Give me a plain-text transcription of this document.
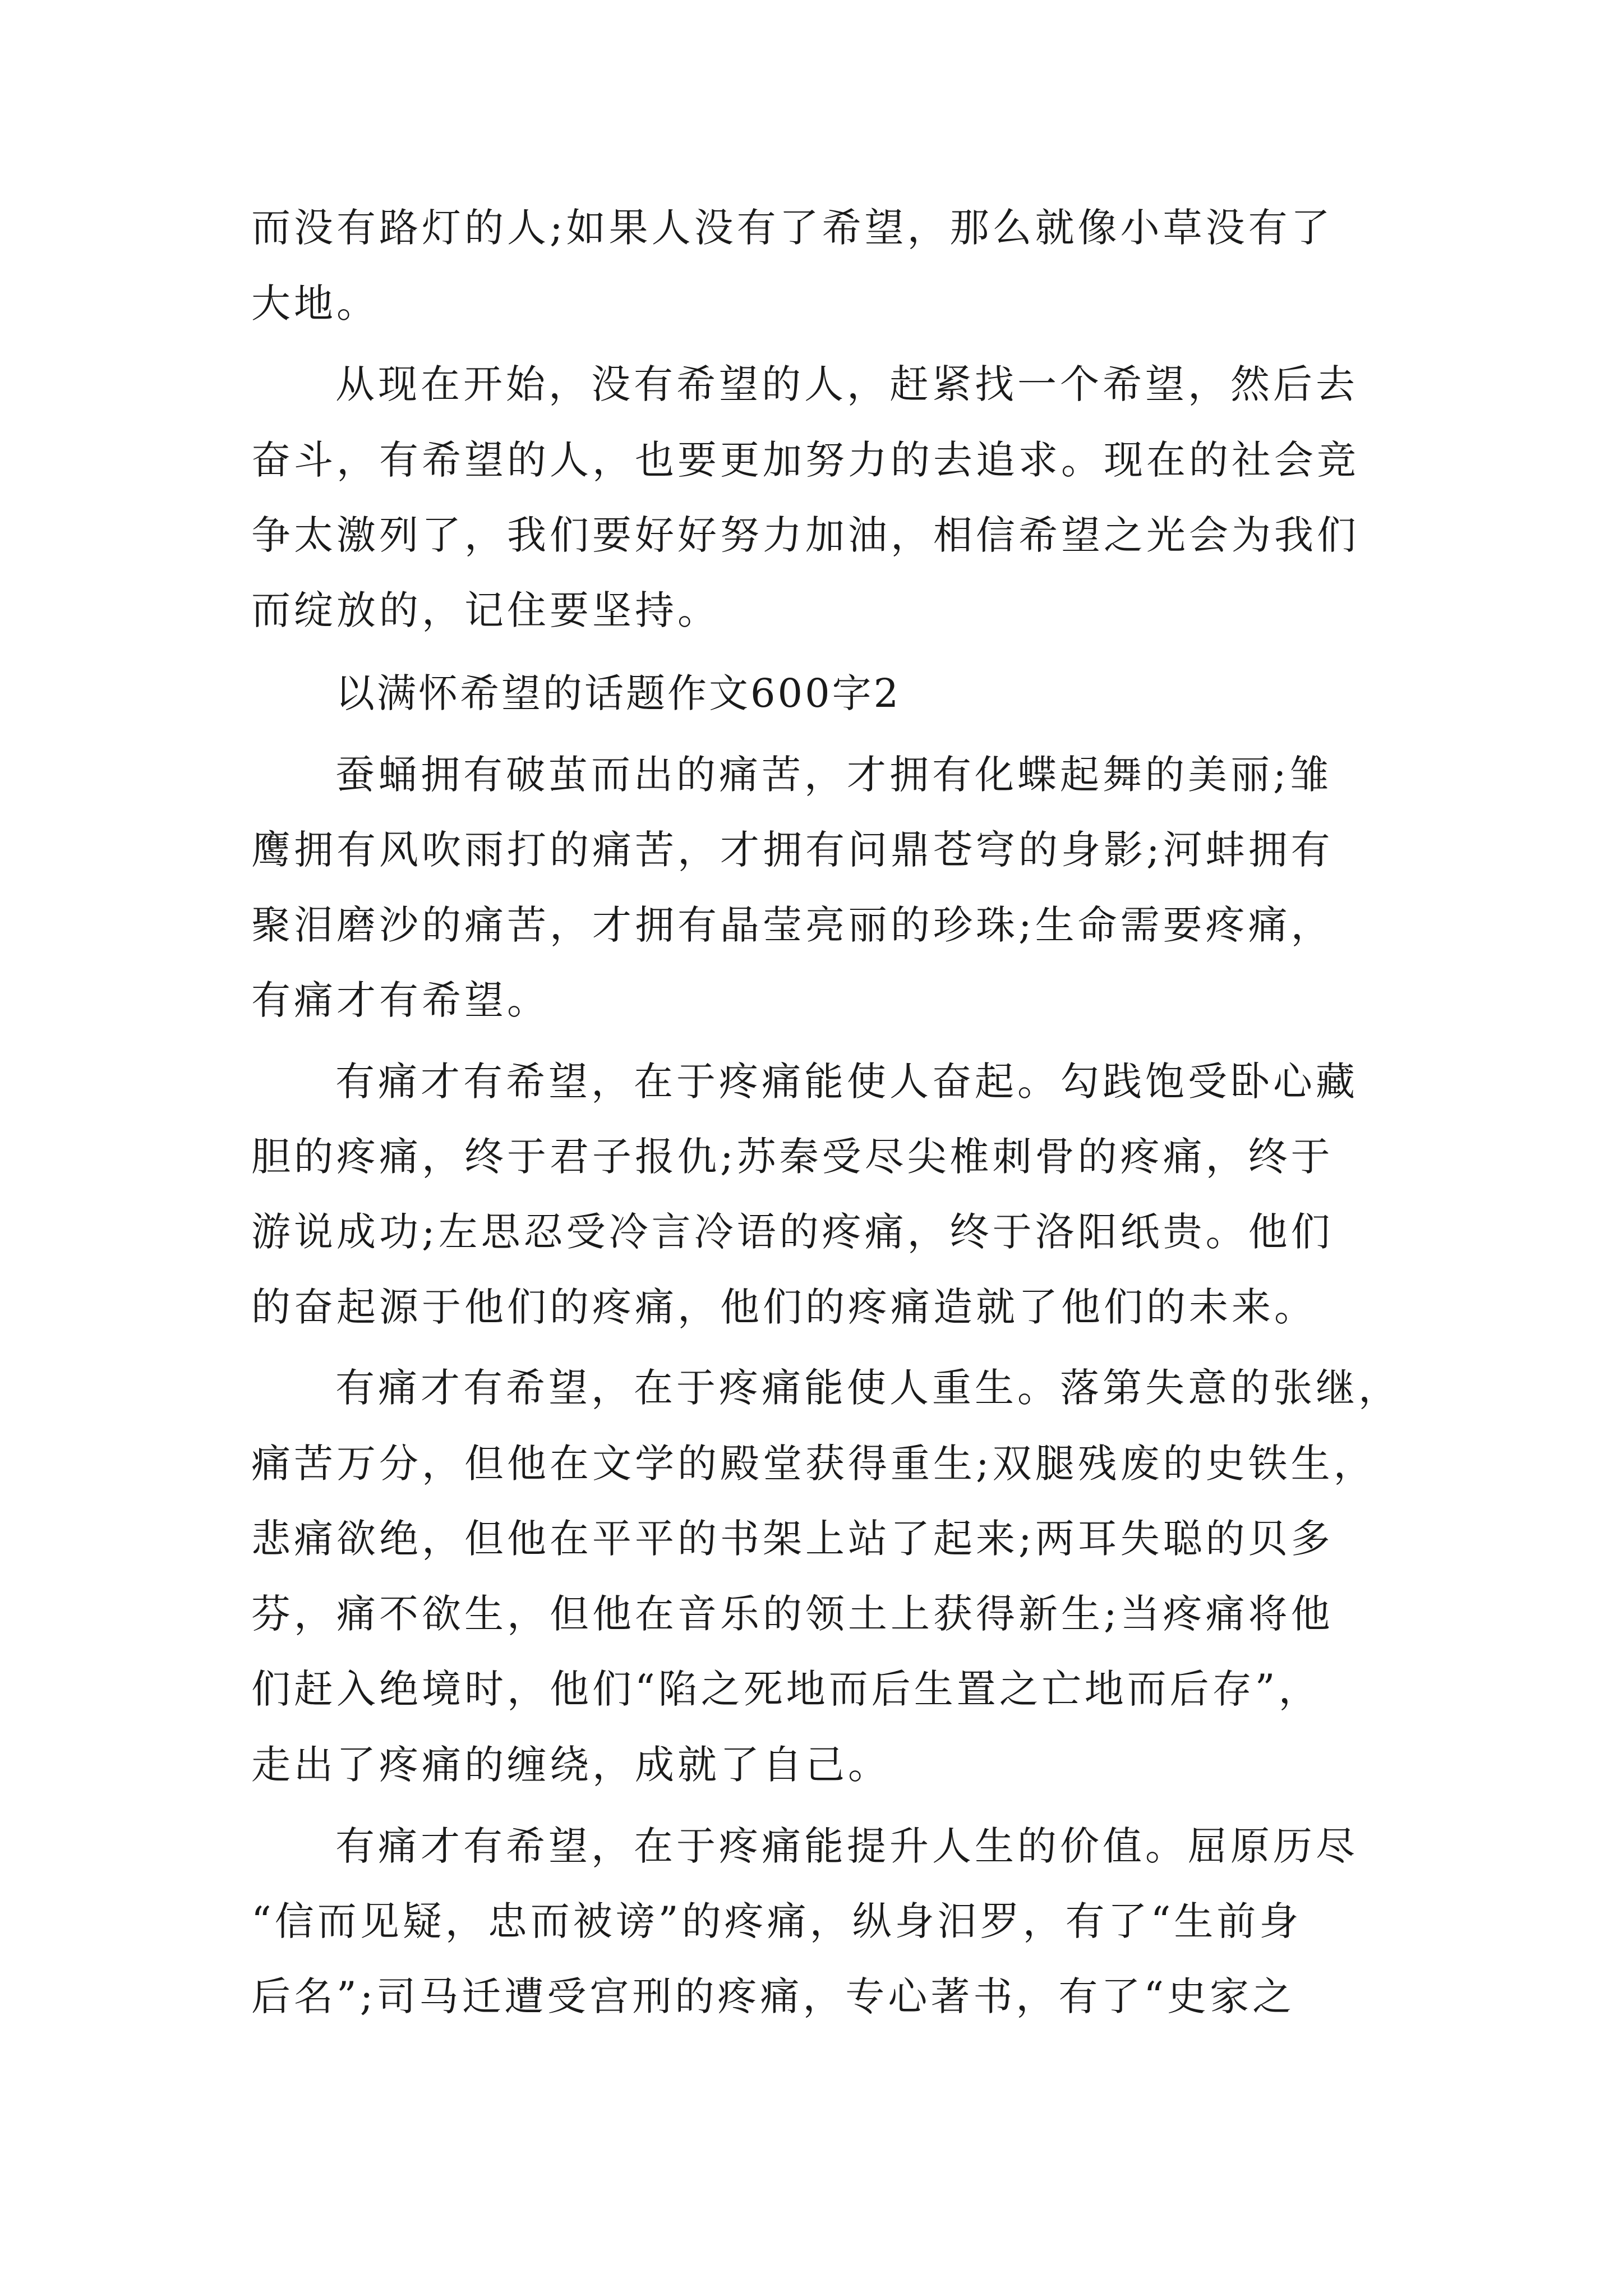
而没有路灯的人;如果人没有了希望，那么就像小草没有了
大地。
从现在开始，没有希望的人，赶紧找一个希望，然后去
奋斗，有希望的人，也要更加努力的去追求。现在的社会竞
争太激列了，我们要好好努力加油，相信希望之光会为我们
而绽放的，记住要坚持。
以满怀希望的话题作文600字2
蚕蛹拥有破茧而出的痛苦，才拥有化蝶起舞的美丽;雏
鹰拥有风吹雨打的痛苦，才拥有问鼎苍穹的身影;河蚌拥有
聚泪磨沙的痛苦，才拥有晶莹亮丽的珍珠;生命需要疼痛，
有痛才有希望。
有痛才有希望，在于疼痛能使人奋起。勾践饱受卧心藏
胆的疼痛，终于君子报仇;苏秦受尽尖椎刺骨的疼痛，终于
游说成功;左思忍受冷言冷语的疼痛，终于洛阳纸贵。他们
的奋起源于他们的疼痛，他们的疼痛造就了他们的未来。
有痛才有希望，在于疼痛能使人重生。落第失意的张继，
痛苦万分，但他在文学的殿堂获得重生;双腿残废的史铁生，
悲痛欲绝，但他在平平的书架上站了起来;两耳失聪的贝多
芬，痛不欲生，但他在音乐的领土上获得新生;当疼痛将他
们赶入绝境时，他们“陷之死地而后生置之亡地而后存”，
走出了疼痛的缠绕，成就了自己。
有痛才有希望，在于疼痛能提升人生的价值。屈原历尽
“信而见疑，忠而被谤”的疼痛，纵身汨罗，有了“生前身
后名”;司马迁遭受宫刑的疼痛，专心著书，有了“史家之
